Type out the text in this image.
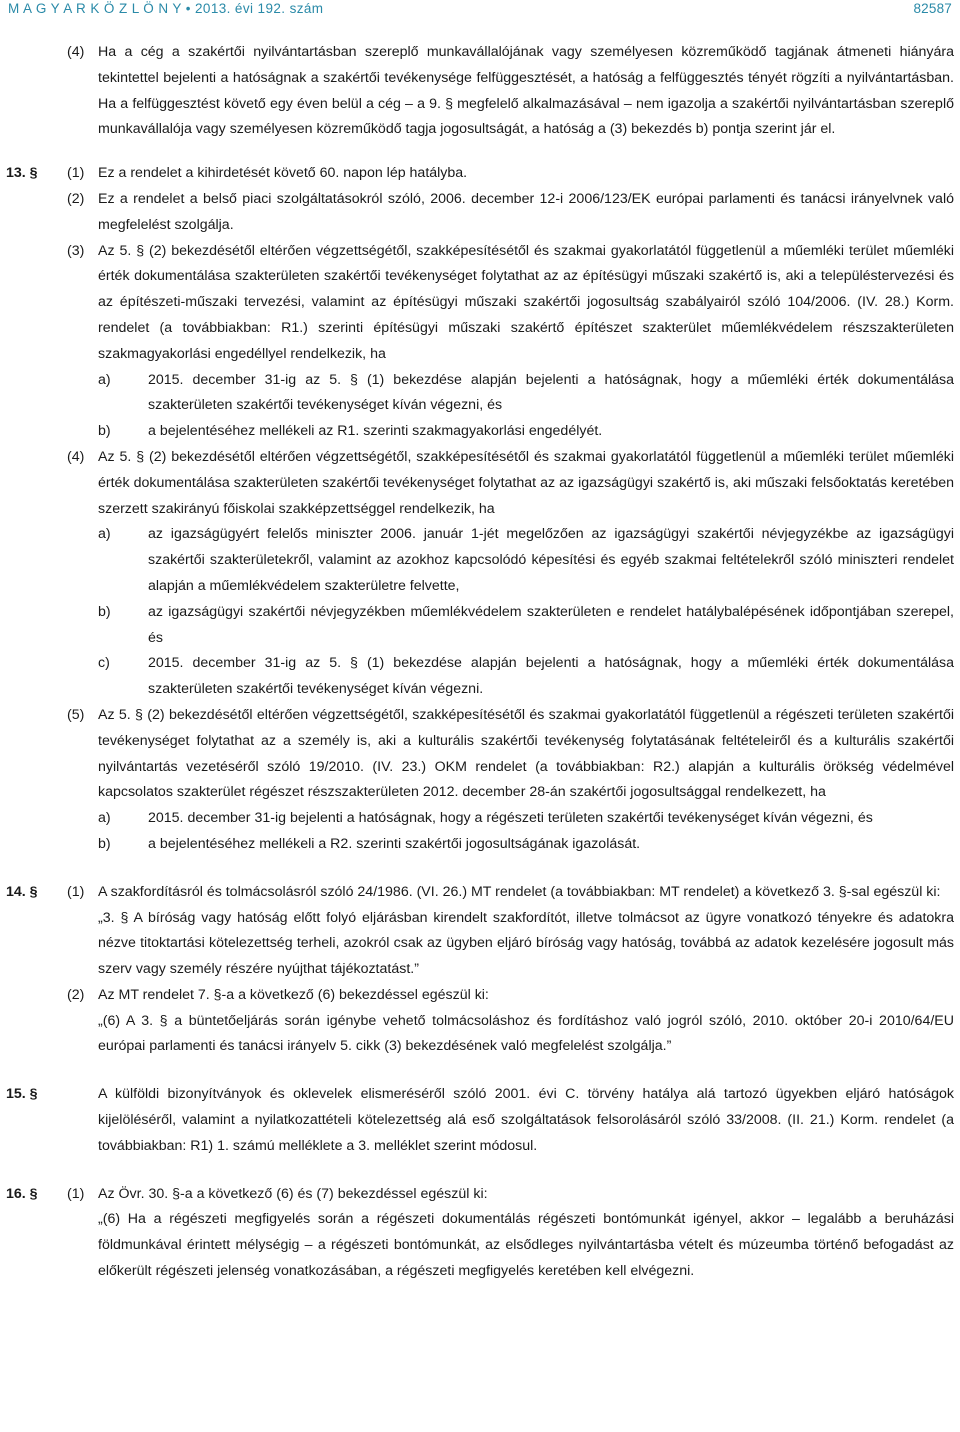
M A G Y A R K Ö Z L Ö N Y • 2013. évi 192. szám	82587
(4) Ha a cég a szakértői nyilvántartásban szereplő munkavállalójának vagy személyesen közreműködő tagjának átmeneti hiányára tekintettel bejelenti a hatóságnak a szakértői tevékenysége felfüggesztését, a hatóság a felfüggesztés tényét rögzíti a nyilvántartásban. Ha a felfüggesztést követő egy éven belül a cég – a 9. § megfelelő alkalmazásával – nem igazolja a szakértői nyilvántartásban szereplő munkavállalója vagy személyesen közreműködő tagja jogosultságát, a hatóság a (3) bekezdés b) pontja szerint jár el.
13. § (1) Ez a rendelet a kihirdetését követő 60. napon lép hatályba.
(2) Ez a rendelet a belső piaci szolgáltatásokról szóló, 2006. december 12-i 2006/123/EK európai parlamenti és tanácsi irányelvnek való megfelelést szolgálja.
(3) Az 5. § (2) bekezdésétől eltérően végzettségétől, szakképesítésétől és szakmai gyakorlatától függetlenül a műemléki terület műemléki érték dokumentálása szakterületen szakértői tevékenységet folytathat az az építésügyi műszaki szakértő is, aki a településtervezési és az építészeti-műszaki tervezési, valamint az építésügyi műszaki szakértői jogosultság szabályairól szóló 104/2006. (IV. 28.) Korm. rendelet (a továbbiakban: R1.) szerinti építésügyi műszaki szakértő építészet szakterület műemlékvédelem részszakterületen szakmagyakorlási engedéllyel rendelkezik, ha
a)	2015. december 31-ig az 5. § (1) bekezdése alapján bejelenti a hatóságnak, hogy a műemléki érték dokumentálása szakterületen szakértői tevékenységet kíván végezni, és
b)	a bejelentéséhez mellékeli az R1. szerinti szakmagyakorlási engedélyét.
(4) Az 5. § (2) bekezdésétől eltérően végzettségétől, szakképesítésétől és szakmai gyakorlatától függetlenül a műemléki terület műemléki érték dokumentálása szakterületen szakértői tevékenységet folytathat az az igazságügyi szakértő is, aki műszaki felsőoktatás keretében szerzett szakirányú főiskolai szakképzettséggel rendelkezik, ha
a)	az igazságügyért felelős miniszter 2006. január 1-jét megelőzően az igazságügyi szakértői névjegyzékbe az igazságügyi szakértői szakterületekről, valamint az azokhoz kapcsolódó képesítési és egyéb szakmai feltételekről szóló miniszteri rendelet alapján a műemlékvédelem szakterületre felvette,
b)	az igazságügyi szakértői névjegyzékben műemlékvédelem szakterületen e rendelet hatálybalépésének időpontjában szerepel, és
c)	2015. december 31-ig az 5. § (1) bekezdése alapján bejelenti a hatóságnak, hogy a műemléki érték dokumentálása szakterületen szakértői tevékenységet kíván végezni.
(5) Az 5. § (2) bekezdésétől eltérően végzettségétől, szakképesítésétől és szakmai gyakorlatától függetlenül a régészeti területen szakértői tevékenységet folytathat az a személy is, aki a kulturális szakértői tevékenység folytatásának feltételeiről és a kulturális szakértői nyilvántartás vezetéséről szóló 19/2010. (IV. 23.) OKM rendelet (a továbbiakban: R2.) alapján a kulturális örökség védelmével kapcsolatos szakterület régészet részszakterületen 2012. december 28-án szakértői jogosultsággal rendelkezett, ha
a)	2015. december 31-ig bejelenti a hatóságnak, hogy a régészeti területen szakértői tevékenységet kíván végezni, és
b)	a bejelentéséhez mellékeli a R2. szerinti szakértői jogosultságának igazolását.
14. § (1) A szakfordításról és tolmácsolásról szóló 24/1986. (VI. 26.) MT rendelet (a továbbiakban: MT rendelet) a következő 3. §-sal egészül ki:
„3. § A bíróság vagy hatóság előtt folyó eljárásban kirendelt szakfordítót, illetve tolmácsot az ügyre vonatkozó tényekre és adatokra nézve titoktartási kötelezettség terheli, azokról csak az ügyben eljáró bíróság vagy hatóság, továbbá az adatok kezelésére jogosult más szerv vagy személy részére nyújthat tájékoztatást.”
(2) Az MT rendelet 7. §-a a következő (6) bekezdéssel egészül ki:
„(6) A 3. § a büntetőeljárás során igénybe vehető tolmácsoláshoz és fordításhoz való jogról szóló, 2010. október 20-i 2010/64/EU európai parlamenti és tanácsi irányelv 5. cikk (3) bekezdésének való megfelelést szolgálja.”
15. §	A külföldi bizonyítványok és oklevelek elismeréséről szóló 2001. évi C. törvény hatálya alá tartozó ügyekben eljáró hatóságok kijelöléséről, valamint a nyilatkozattételi kötelezettség alá eső szolgáltatások felsorolásáról szóló 33/2008. (II. 21.) Korm. rendelet (a továbbiakban: R1) 1. számú melléklete a 3. melléklet szerint módosul.
16. § (1) Az Övr. 30. §-a a következő (6) és (7) bekezdéssel egészül ki:
„(6) Ha a régészeti megfigyelés során a régészeti dokumentálás régészeti bontómunkát igényel, akkor – legalább a beruházási földmunkával érintett mélységig – a régészeti bontómunkát, az elsődleges nyilvántartásba vételt és múzeumba történő befogadást az előkerült régészeti jelenség vonatkozásában, a régészeti megfigyelés keretében kell elvégezni.
